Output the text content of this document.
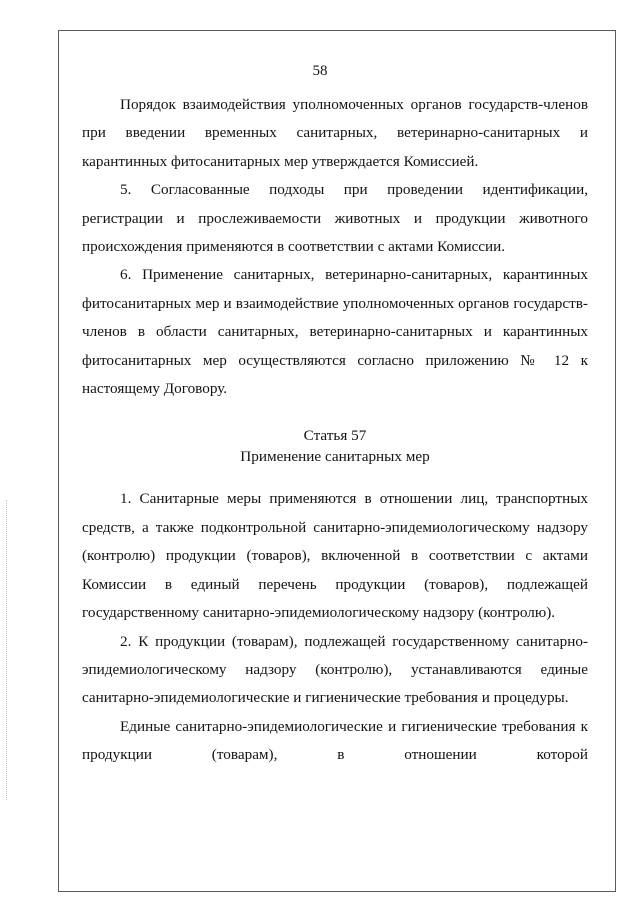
58

Порядок взаимодействия уполномоченных органов государств-членов при введении временных санитарных, ветеринарно-санитарных и карантинных фитосанитарных мер утверждается Комиссией.

5. Согласованные подходы при проведении идентификации, регистрации и прослеживаемости животных и продукции животного происхождения применяются в соответствии с актами Комиссии.

6. Применение санитарных, ветеринарно-санитарных, карантинных фитосанитарных мер и взаимодействие уполномоченных органов государств-членов в области санитарных, ветеринарно-санитарных и карантинных фитосанитарных мер осуществляются согласно приложению № 12 к настоящему Договору.

Статья 57
Применение санитарных мер

1. Санитарные меры применяются в отношении лиц, транспортных средств, а также подконтрольной санитарно-эпидемиологическому надзору (контролю) продукции (товаров), включенной в соответствии с актами Комиссии в единый перечень продукции (товаров), подлежащей государственному санитарно-эпидемиологическому надзору (контролю).

2. К продукции (товарам), подлежащей государственному санитарно-эпидемиологическому надзору (контролю), устанавливаются единые санитарно-эпидемиологические и гигиенические требования и процедуры.

Единые санитарно-эпидемиологические и гигиенические требования к продукции (товарам), в отношении которой
